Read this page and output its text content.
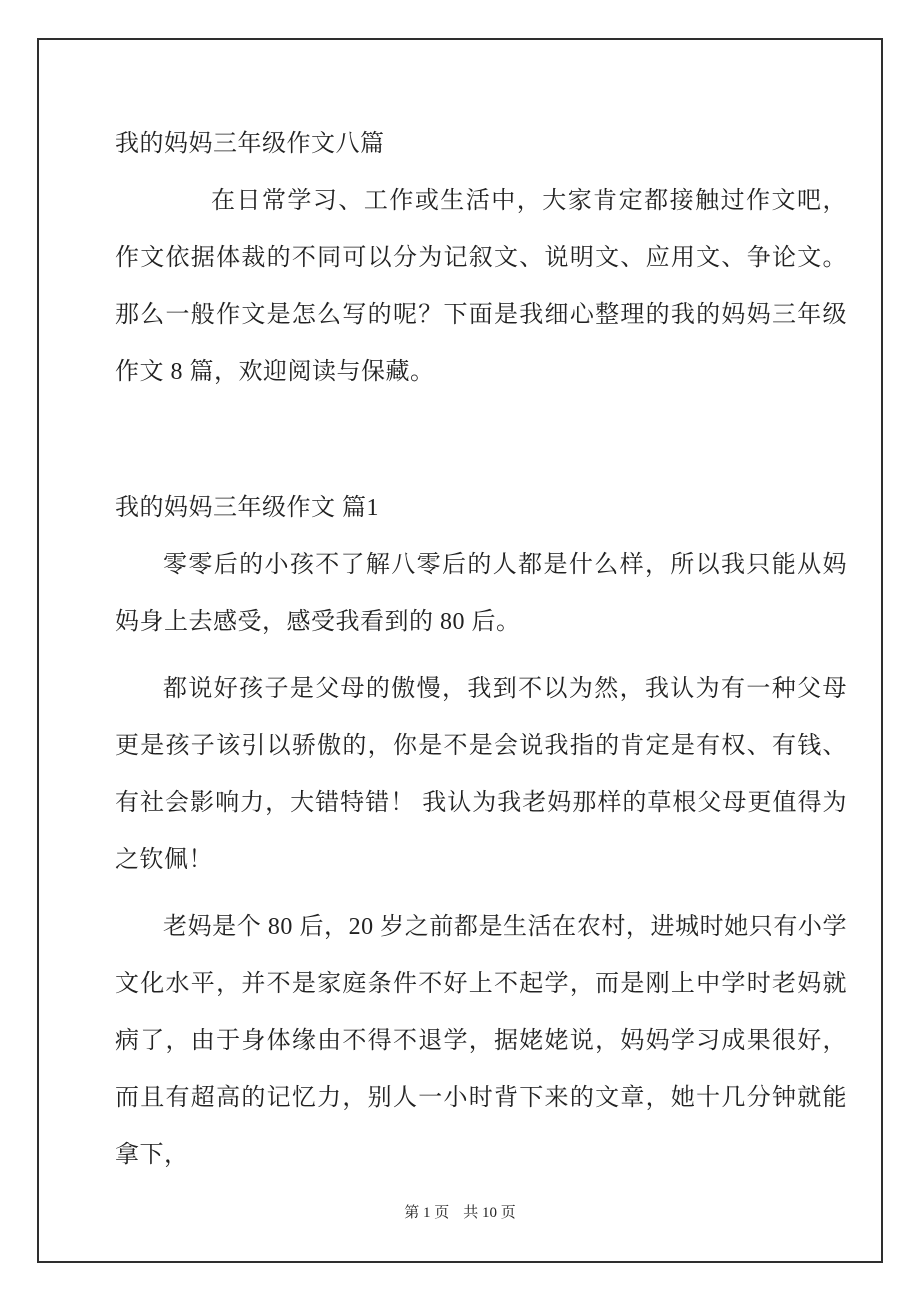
我的妈妈三年级作文八篇

在日常学习、工作或生活中，大家肯定都接触过作文吧，作文依据体裁的不同可以分为记叙文、说明文、应用文、争论文。那么一般作文是怎么写的呢？下面是我细心整理的我的妈妈三年级作文 8 篇，欢迎阅读与保藏。

我的妈妈三年级作文 篇1

零零后的小孩不了解八零后的人都是什么样，所以我只能从妈妈身上去感受，感受我看到的 80 后。

都说好孩子是父母的傲慢，我到不以为然，我认为有一种父母更是孩子该引以骄傲的，你是不是会说我指的肯定是有权、有钱、有社会影响力，大错特错！ 我认为我老妈那样的草根父母更值得为之钦佩！

老妈是个 80 后，20 岁之前都是生活在农村，进城时她只有小学文化水平，并不是家庭条件不好上不起学，而是刚上中学时老妈就病了，由于身体缘由不得不退学，据姥姥说，妈妈学习成果很好，而且有超高的记忆力，别人一小时背下来的文章，她十几分钟就能拿下，

第 1 页 共 10 页
